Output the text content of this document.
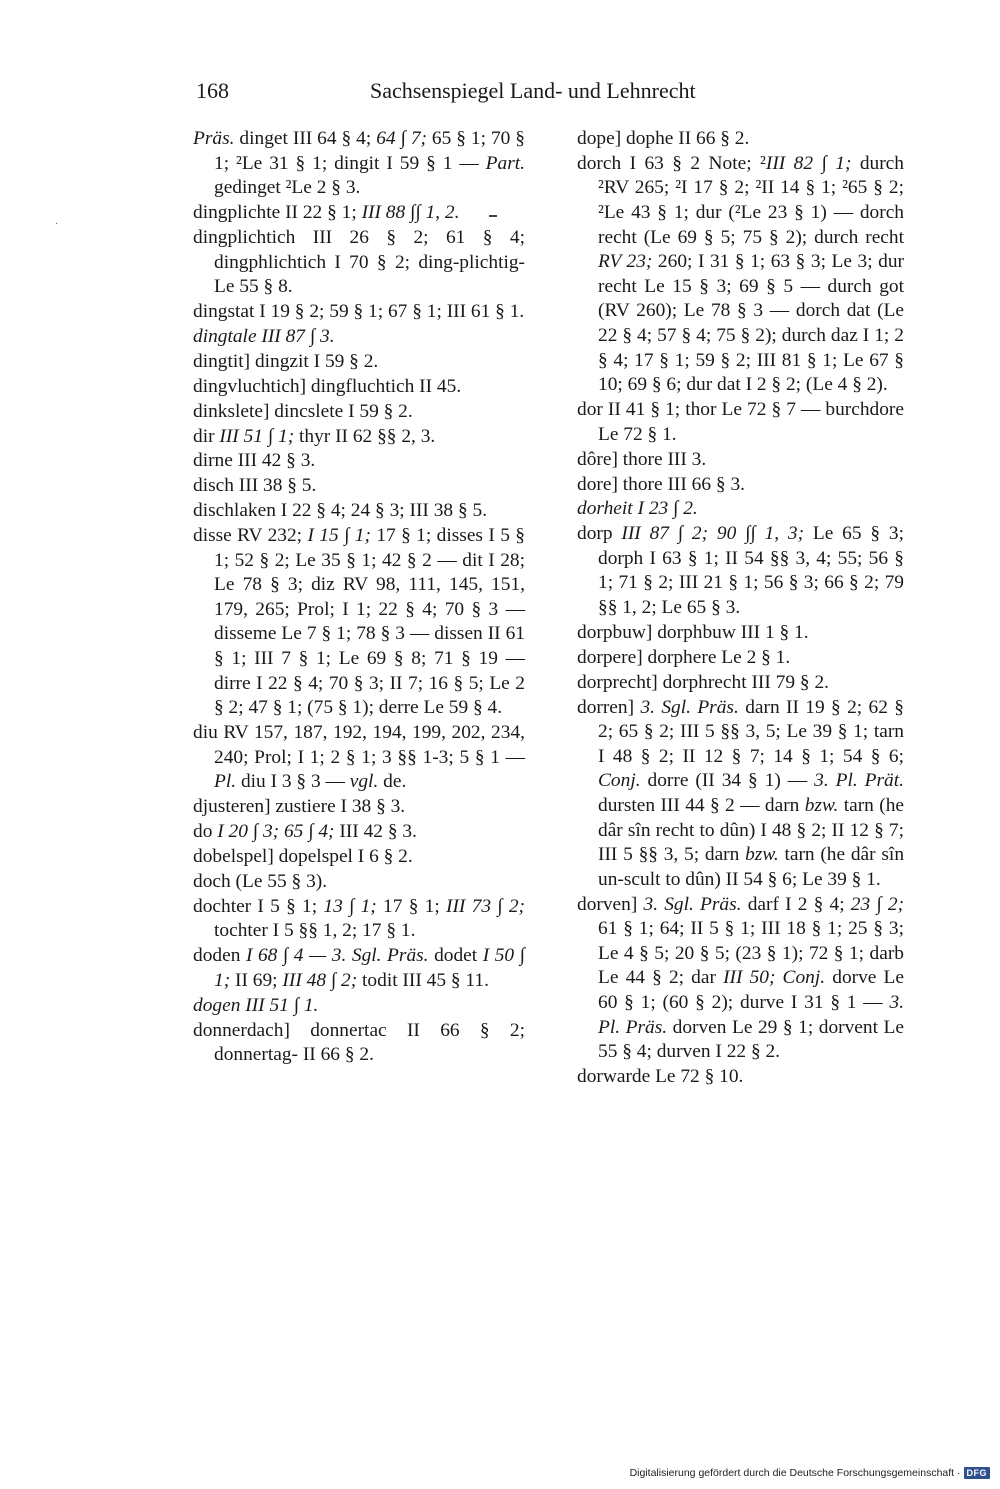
168	Sachsenspiegel Land- und Lehnrecht

Präs. dinget III 64 § 4; 64 ∫ 7; 65 § 1; 70 § 1; ²Le 31 § 1; dingit I 59 § 1 — Part. gedinget ²Le 2 § 3.

dingplichte II 22 § 1; III 88 ∫∫ 1, 2.

dingplichtich III 26 § 2; 61 § 4; dingphlichtich I 70 § 2; ding-plichtig- Le 55 § 8.

dingstat I 19 § 2; 59 § 1; 67 § 1; III 61 § 1.

dingtale III 87 ∫ 3.

dingtit] dingzit I 59 § 2.

dingvluchtich] dingfluchtich II 45.

dinkslete] dincslete I 59 § 2.

dir III 51 ∫ 1; thyr II 62 §§ 2, 3.

dirne III 42 § 3.

disch III 38 § 5.

dischlaken I 22 § 4; 24 § 3; III 38 § 5.

disse RV 232; I 15 ∫ 1; 17 § 1; disses I 5 § 1; 52 § 2; Le 35 § 1; 42 § 2 — dit I 28; Le 78 § 3; diz RV 98, 111, 145, 151, 179, 265; Prol; I 1; 22 § 4; 70 § 3 — disseme Le 7 § 1; 78 § 3 — dissen II 61 § 1; III 7 § 1; Le 69 § 8; 71 § 19 — dirre I 22 § 4; 70 § 3; II 7; 16 § 5; Le 2 § 2; 47 § 1; (75 § 1); derre Le 59 § 4.

diu RV 157, 187, 192, 194, 199, 202, 234, 240; Prol; I 1; 2 § 1; 3 §§ 1-3; 5 § 1 — Pl. diu I 3 § 3 — vgl. de.

djusteren] zustiere I 38 § 3.

do I 20 ∫ 3; 65 ∫ 4; III 42 § 3.

dobelspel] dopelspel I 6 § 2.

doch (Le 55 § 3).

dochter I 5 § 1; 13 ∫ 1; 17 § 1; III 73 ∫ 2; tochter I 5 §§ 1, 2; 17 § 1.

doden I 68 ∫ 4 — 3. Sgl. Präs. dodet I 50 ∫ 1; II 69; III 48 ∫ 2; todit III 45 § 11.

dogen III 51 ∫ 1.

donnerdach] donnertac II 66 § 2; donnertag- II 66 § 2.

dope] dophe II 66 § 2.

dorch I 63 § 2 Note; ²III 82 ∫ 1; durch ²RV 265; ²I 17 § 2; ²II 14 § 1; ²65 § 2; ²Le 43 § 1; dur (²Le 23 § 1) — dorch recht (Le 69 § 5; 75 § 2); durch recht RV 23; 260; I 31 § 1; 63 § 3; Le 3; dur recht Le 15 § 3; 69 § 5 — durch got (RV 260); Le 78 § 3 — dorch dat (Le 22 § 4; 57 § 4; 75 § 2); durch daz I 1; 2 § 4; 17 § 1; 59 § 2; III 81 § 1; Le 67 § 10; 69 § 6; dur dat I 2 § 2; (Le 4 § 2).

dor II 41 § 1; thor Le 72 § 7 — burchdore Le 72 § 1.

dôre] thore III 3.

dore] thore III 66 § 3.

dorheit I 23 ∫ 2.

dorp III 87 ∫ 2; 90 ∫∫ 1, 3; Le 65 § 3; dorph I 63 § 1; II 54 §§ 3, 4; 55; 56 § 1; 71 § 2; III 21 § 1; 56 § 3; 66 § 2; 79 §§ 1, 2; Le 65 § 3.

dorpbuw] dorphbuw III 1 § 1.

dorpere] dorphere Le 2 § 1.

dorprecht] dorphrecht III 79 § 2.

dorren] 3. Sgl. Präs. darn II 19 § 2; 62 § 2; 65 § 2; III 5 §§ 3, 5; Le 39 § 1; tarn I 48 § 2; II 12 § 7; 14 § 1; 54 § 6; Conj. dorre (II 34 § 1) — 3. Pl. Prät. dursten III 44 § 2 — darn bzw. tarn (he dâr sîn recht to dûn) I 48 § 2; II 12 § 7; III 5 §§ 3, 5; darn bzw. tarn (he dâr sîn un-scult to dûn) II 54 § 6; Le 39 § 1.

dorven] 3. Sgl. Präs. darf I 2 § 4; 23 ∫ 2; 61 § 1; 64; II 5 § 1; III 18 § 1; 25 § 3; Le 4 § 5; 20 § 5; (23 § 1); 72 § 1; darb Le 44 § 2; dar III 50; Conj. dorve Le 60 § 1; (60 § 2); durve I 31 § 1 — 3. Pl. Präs. dorven Le 29 § 1; dorvent Le 55 § 4; durven I 22 § 2.

dorwarde Le 72 § 10.

·
Digitalisierung gefördert durch die Deutsche Forschungsgemeinschaft · DFG
